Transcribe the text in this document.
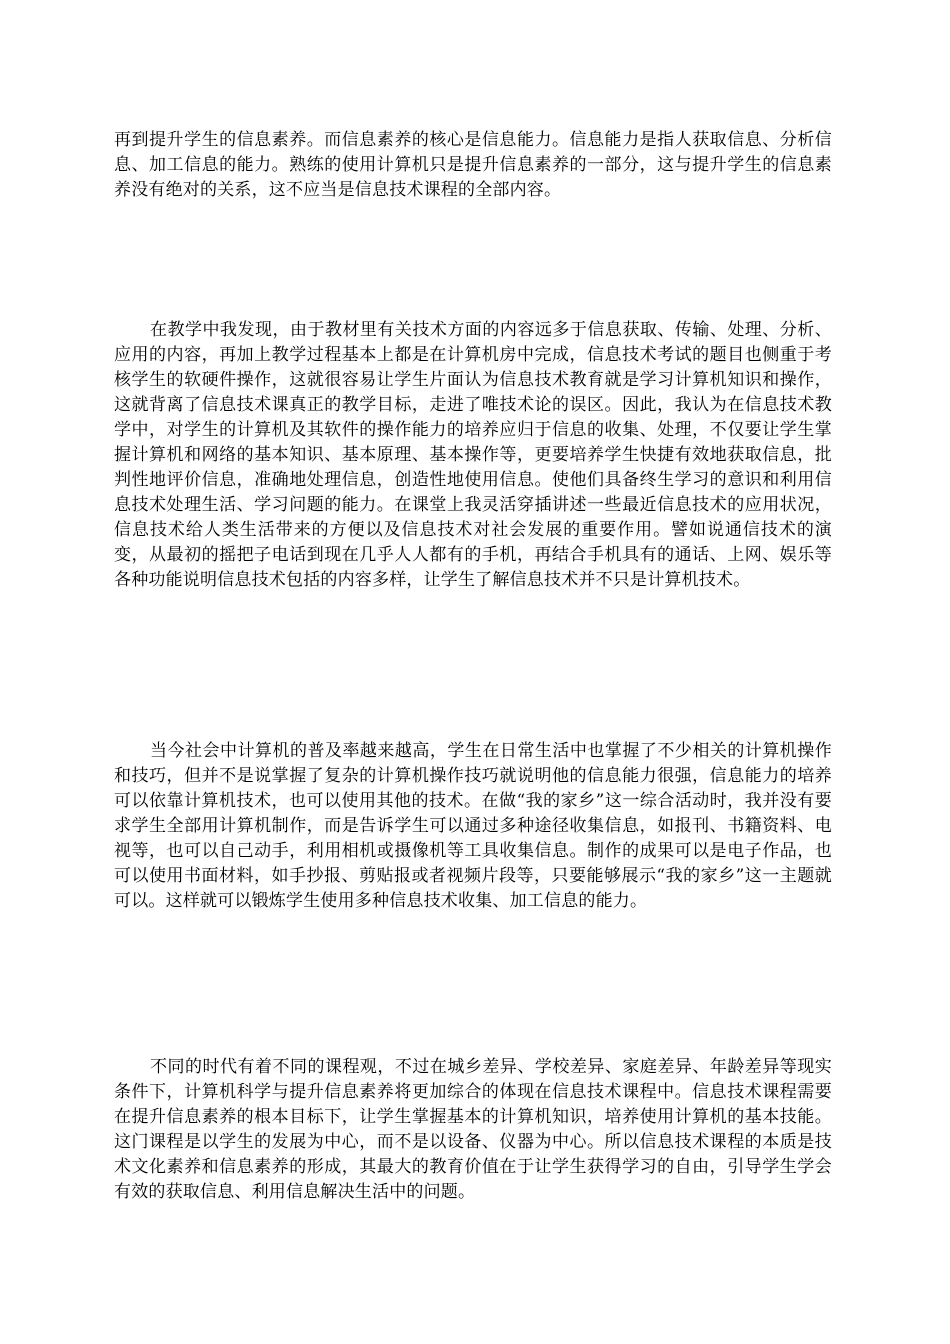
再到提升学生的信息素养。而信息素养的核心是信息能力。信息能力是指人获取信息、分析信息、加工信息的能力。熟练的使用计算机只是提升信息素养的一部分，这与提升学生的信息素养没有绝对的关系，这不应当是信息技术课程的全部内容。

在教学中我发现，由于教材里有关技术方面的内容远多于信息获取、传输、处理、分析、应用的内容，再加上教学过程基本上都是在计算机房中完成，信息技术考试的题目也侧重于考核学生的软硬件操作，这就很容易让学生片面认为信息技术教育就是学习计算机知识和操作，这就背离了信息技术课真正的教学目标，走进了唯技术论的误区。因此，我认为在信息技术教学中，对学生的计算机及其软件的操作能力的培养应归于信息的收集、处理，不仅要让学生掌握计算机和网络的基本知识、基本原理、基本操作等，更要培养学生快捷有效地获取信息，批判性地评价信息，准确地处理信息，创造性地使用信息。使他们具备终生学习的意识和利用信息技术处理生活、学习问题的能力。在课堂上我灵活穿插讲述一些最近信息技术的应用状况，信息技术给人类生活带来的方便以及信息技术对社会发展的重要作用。譬如说通信技术的演变，从最初的摇把子电话到现在几乎人人都有的手机，再结合手机具有的通话、上网、娱乐等各种功能说明信息技术包括的内容多样，让学生了解信息技术并不只是计算机技术。

当今社会中计算机的普及率越来越高，学生在日常生活中也掌握了不少相关的计算机操作和技巧，但并不是说掌握了复杂的计算机操作技巧就说明他的信息能力很强，信息能力的培养可以依靠计算机技术，也可以使用其他的技术。在做“我的家乡”这一综合活动时，我并没有要求学生全部用计算机制作，而是告诉学生可以通过多种途径收集信息，如报刊、书籍资料、电视等，也可以自己动手，利用相机或摄像机等工具收集信息。制作的成果可以是电子作品，也可以使用书面材料，如手抄报、剪贴报或者视频片段等，只要能够展示“我的家乡”这一主题就可以。这样就可以锻炼学生使用多种信息技术收集、加工信息的能力。

不同的时代有着不同的课程观，不过在城乡差异、学校差异、家庭差异、年龄差异等现实条件下，计算机科学与提升信息素养将更加综合的体现在信息技术课程中。信息技术课程需要在提升信息素养的根本目标下，让学生掌握基本的计算机知识，培养使用计算机的基本技能。这门课程是以学生的发展为中心，而不是以设备、仪器为中心。所以信息技术课程的本质是技术文化素养和信息素养的形成，其最大的教育价值在于让学生获得学习的自由，引导学生学会有效的获取信息、利用信息解决生活中的问题。
